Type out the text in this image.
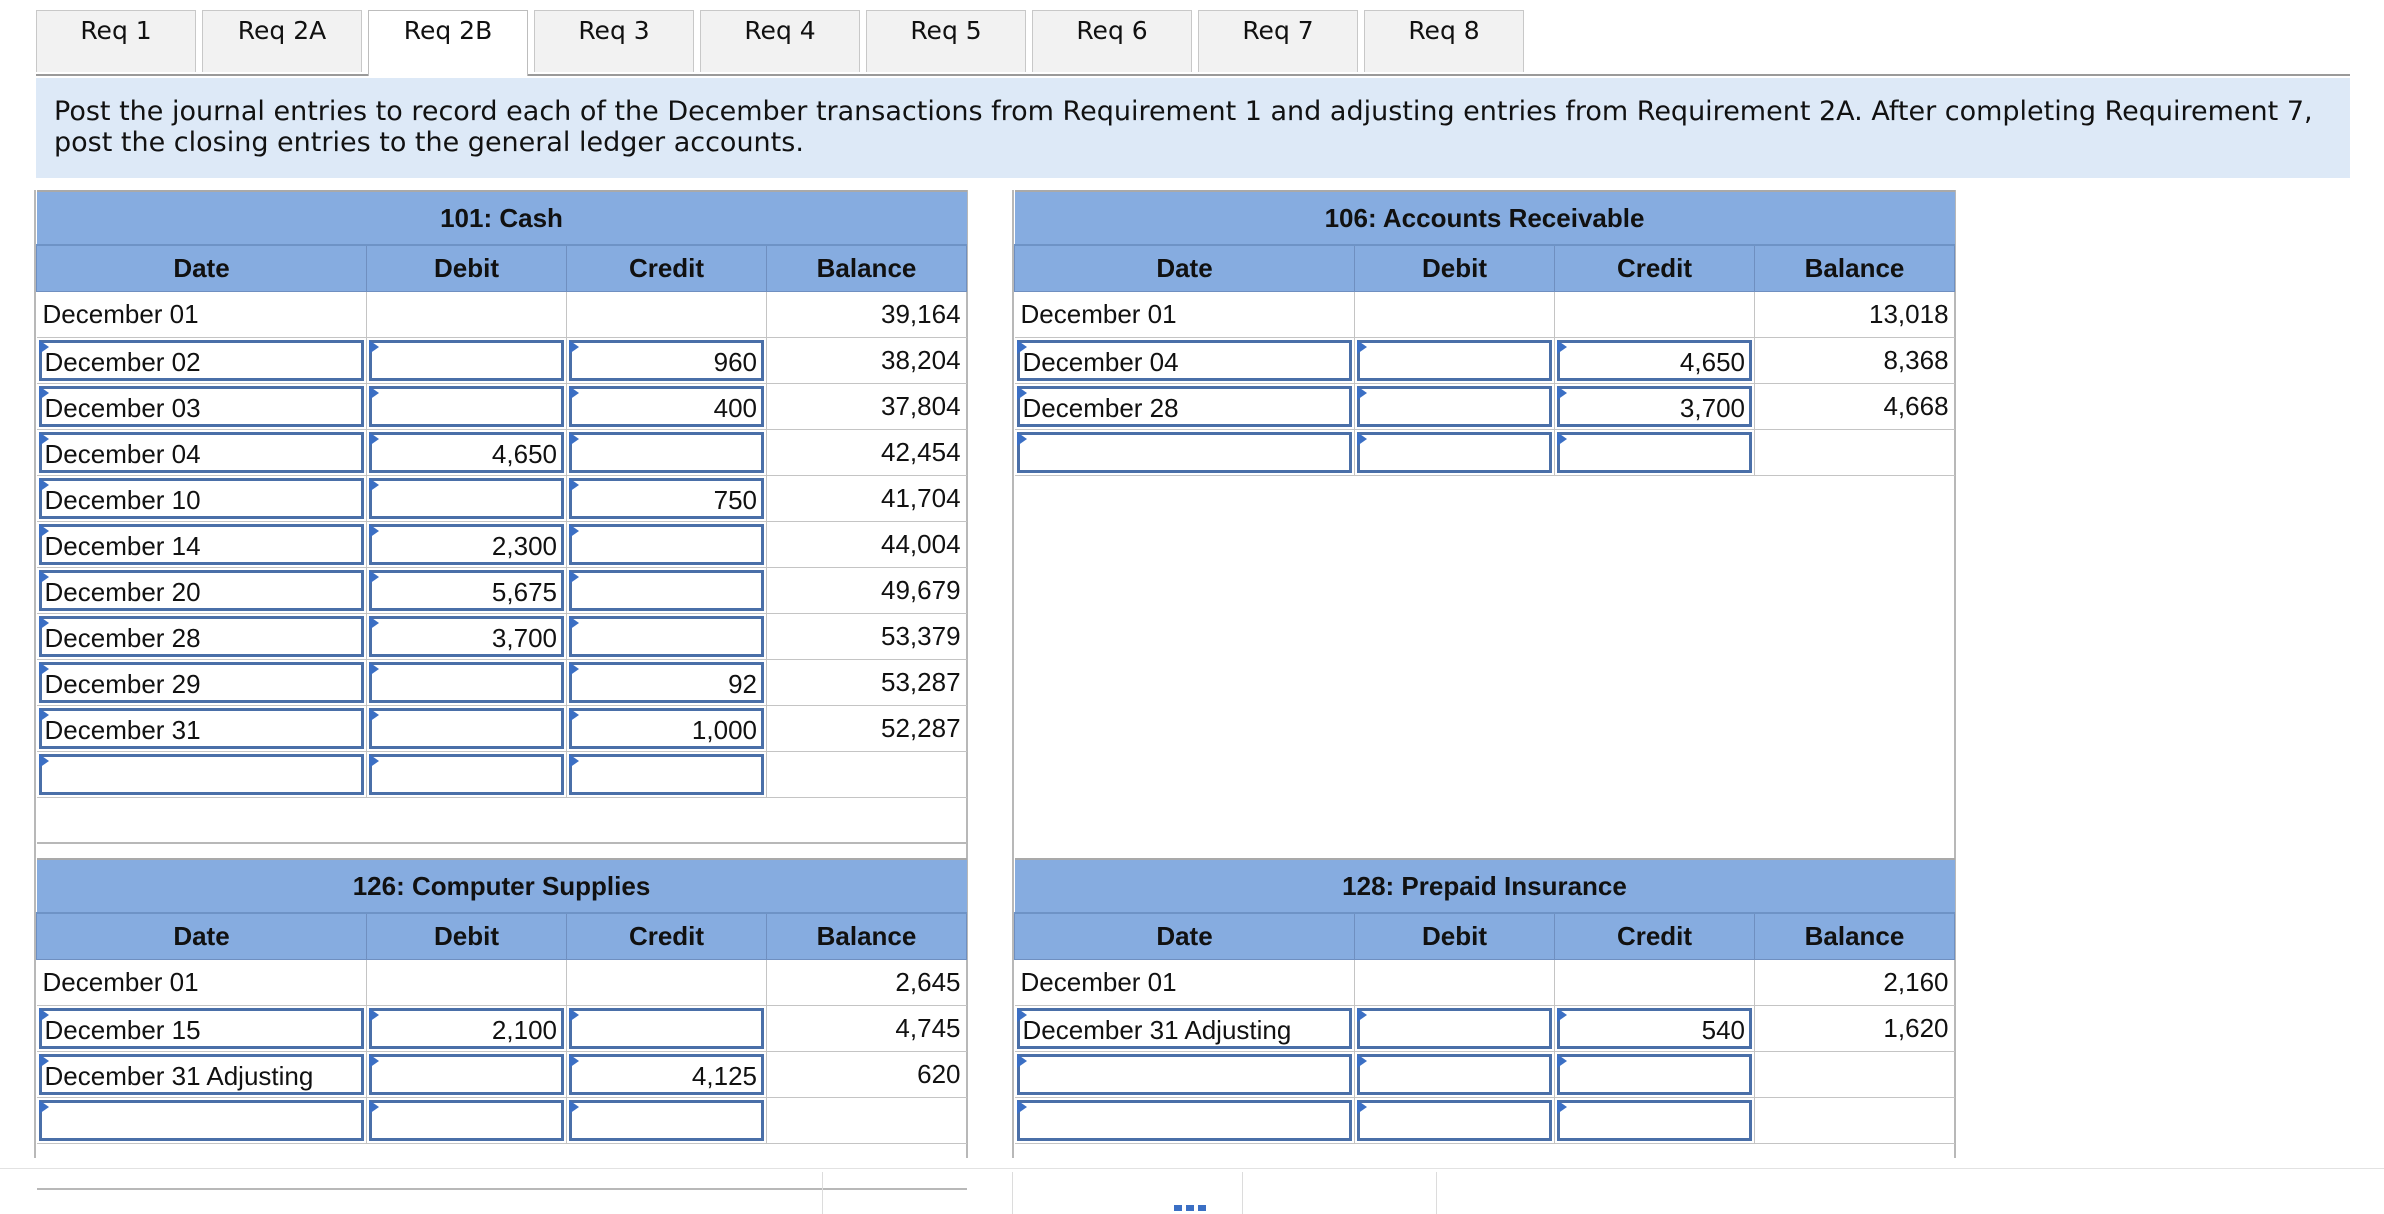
Req 1	Req 2A	Req 2B	Req 3	Req 4	Req 5	Req 6	Req 7	Req 8
Post the journal entries to record each of the December transactions from Requirement 1 and adjusting entries from Requirement 2A. After completing Requirement 7, post the closing entries to the general ledger accounts.
101: Cash			
Date	Debit	Credit	Balance
December 01			39,164

December 02		960	38,204

December 03		400	37,804

December 04	4,650		42,454

December 10		750	41,704

December 14	2,300		44,004

December 20	5,675		49,679

December 28	3,700		53,379

December 29		92	53,287

December 31		1,000	52,287

106: Accounts Receivable			
Date	Debit	Credit	Balance
December 01			13,018

December 04		4,650	8,368

December 28		3,700	4,668

126: Computer Supplies			
Date	Debit	Credit	Balance
December 01			2,645

December 15	2,100		4,745

December 31 Adjusting		4,125	620

128: Prepaid Insurance			
Date	Debit	Credit	Balance
December 01			2,160

December 31 Adjusting		540	1,620
